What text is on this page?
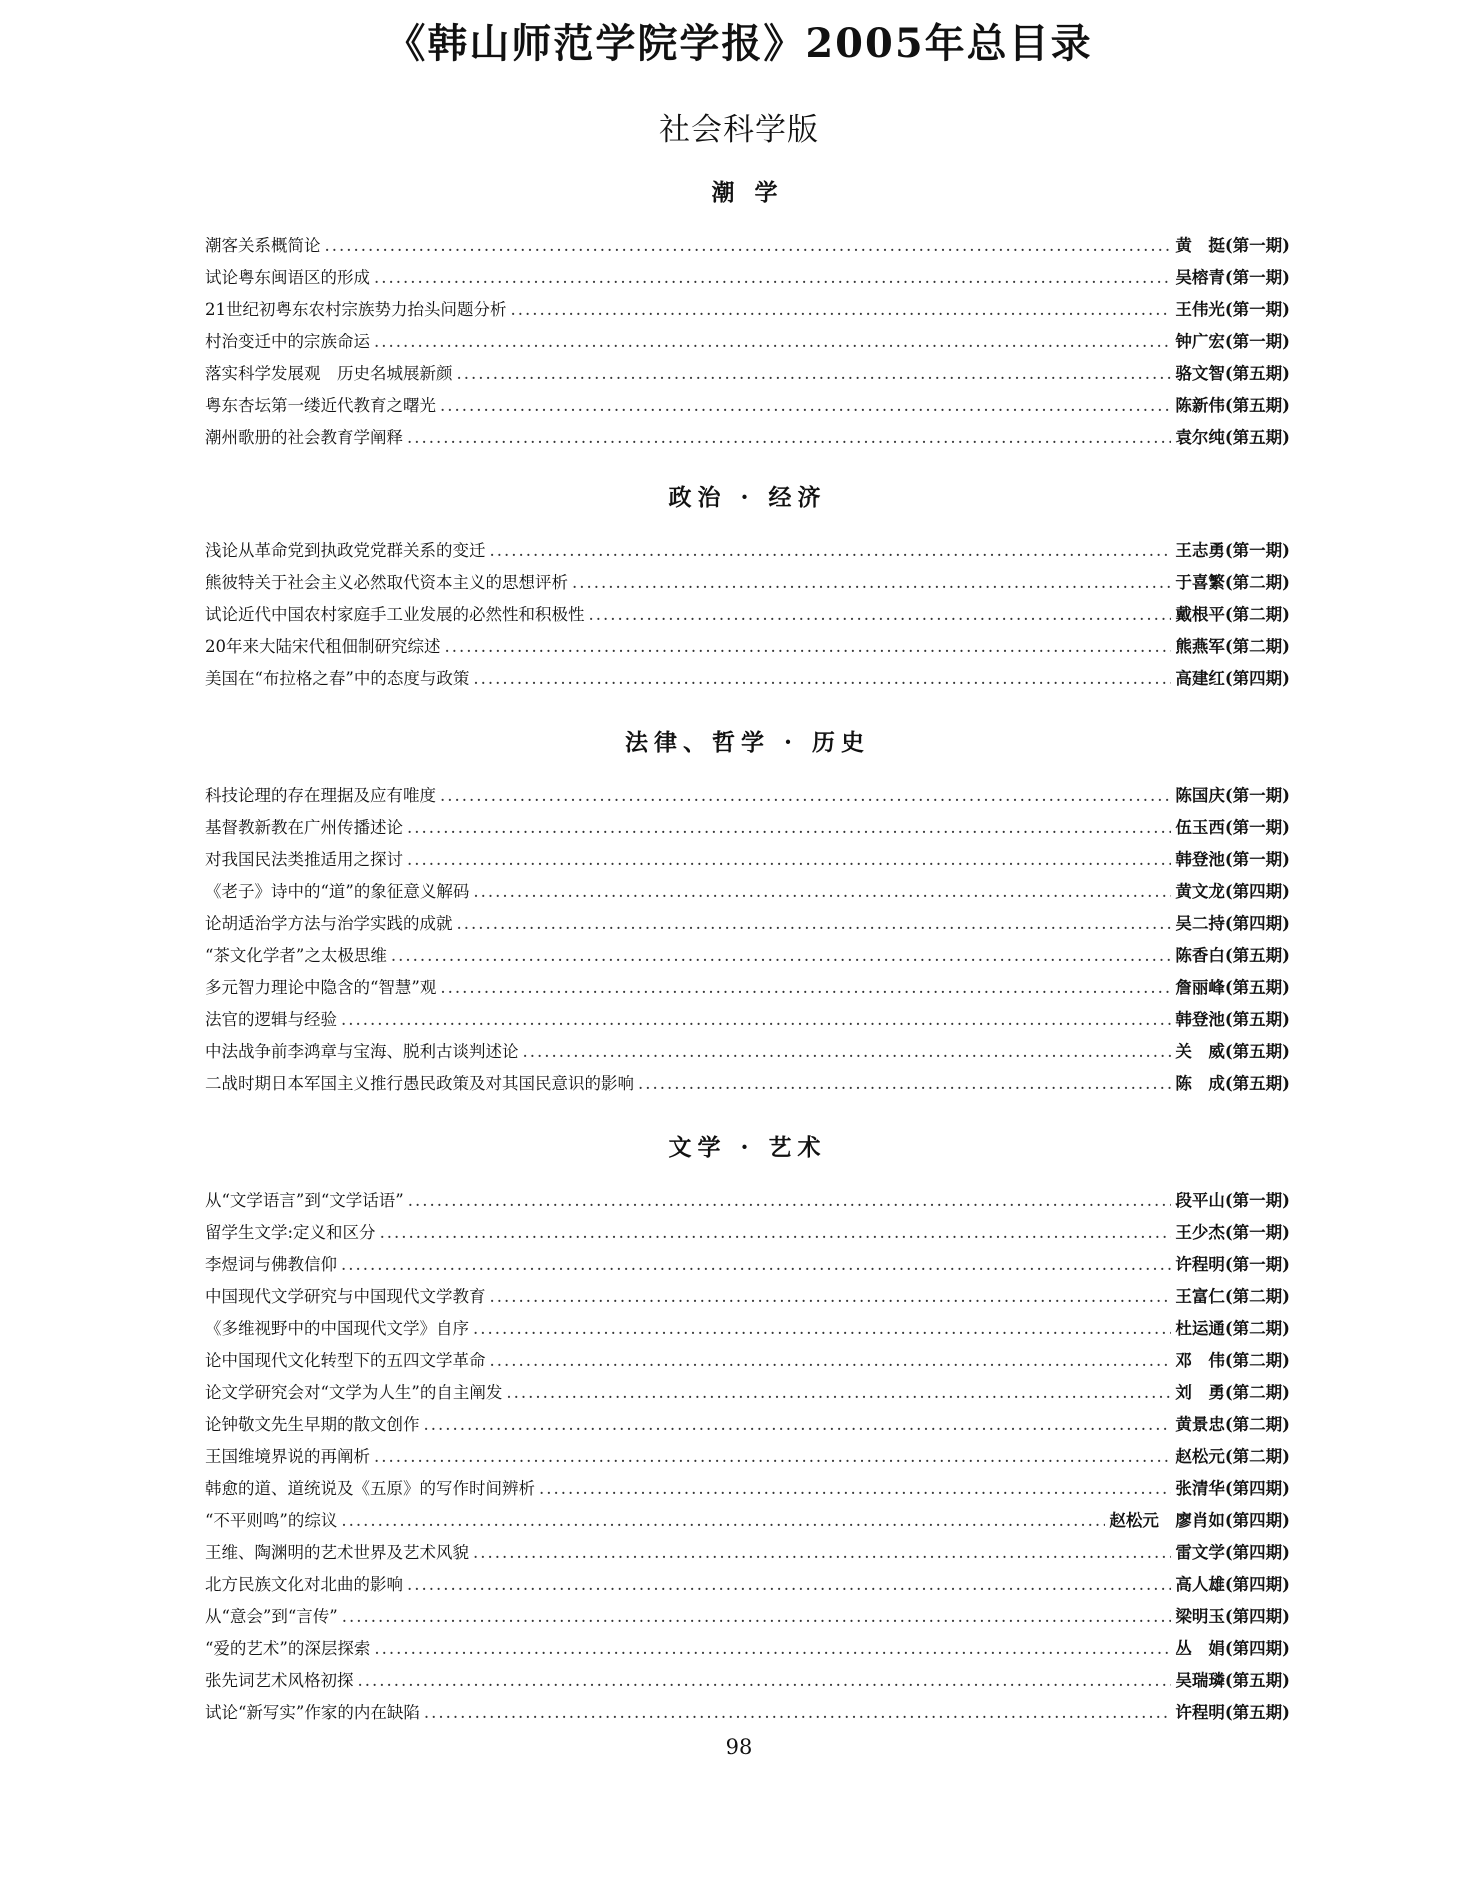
《韩山师范学院学报》2005年总目录
社会科学版
潮 学
潮客关系概简论 .....	黄　挺 (第一期)
试论粤东闽语区的形成 .....	吴榕青 (第一期)
21世纪初粤东农村宗族势力抬头问题分析 .....	王伟光 (第一期)
村治变迁中的宗族命运 .....	钟广宏 (第一期)
落实科学发展观　历史名城展新颜 .....	骆文智 (第五期)
粤东杏坛第一缕近代教育之曙光 .....	陈新伟 (第五期)
潮州歌册的社会教育学阐释 .....	袁尔纯 (第五期)
政治 · 经济
浅论从革命党到执政党党群关系的变迁 .....	王志勇 (第一期)
熊彼特关于社会主义必然取代资本主义的思想评析 .....	于喜繁 (第二期)
试论近代中国农村家庭手工业发展的必然性和积极性 .....	戴根平 (第二期)
20年来大陆宋代租佃制研究综述 .....	熊燕军 (第二期)
美国在“布拉格之春”中的态度与政策 .....	高建红 (第四期)
法律、哲学 · 历史
科技论理的存在理据及应有唯度 .....	陈国庆 (第一期)
基督教新教在广州传播述论 .....	伍玉西 (第一期)
对我国民法类推适用之探讨 .....	韩登池 (第一期)
《老子》诗中的“道”的象征意义解码 .....	黄文龙 (第四期)
论胡适治学方法与治学实践的成就 .....	吴二持 (第四期)
“茶文化学者”之太极思维 .....	陈香白 (第五期)
多元智力理论中隐含的“智慧”观 .....	詹丽峰 (第五期)
法官的逻辑与经验 .....	韩登池 (第五期)
中法战争前李鸿章与宝海、脱利古谈判述论 .....	关　威 (第五期)
二战时期日本军国主义推行愚民政策及对其国民意识的影响 .....	陈　成 (第五期)
文学 · 艺术
从“文学语言”到“文学话语” .....	段平山 (第一期)
留学生文学:定义和区分 .....	王少杰 (第一期)
李煜词与佛教信仰 .....	许程明 (第一期)
中国现代文学研究与中国现代文学教育 .....	王富仁 (第二期)
《多维视野中的中国现代文学》自序 .....	杜运通 (第二期)
论中国现代文化转型下的五四文学革命 .....	邓　伟 (第二期)
论文学研究会对“文学为人生”的自主阐发 .....	刘　勇 (第二期)
论钟敬文先生早期的散文创作 .....	黄景忠 (第二期)
王国维境界说的再阐析 .....	赵松元 (第二期)
韩愈的道、道统说及《五原》的写作时间辨析 .....	张清华 (第四期)
“不平则鸣”的综议 .....	赵松元　廖肖如 (第四期)
王维、陶渊明的艺术世界及艺术风貌 .....	雷文学 (第四期)
北方民族文化对北曲的影响 .....	高人雄 (第四期)
从“意会”到“言传” .....	梁明玉 (第四期)
“爱的艺术”的深层探索 .....	丛　娟 (第四期)
张先词艺术风格初探 .....	吴瑞璘 (第五期)
试论“新写实”作家的内在缺陷 .....	许程明 (第五期)
98
